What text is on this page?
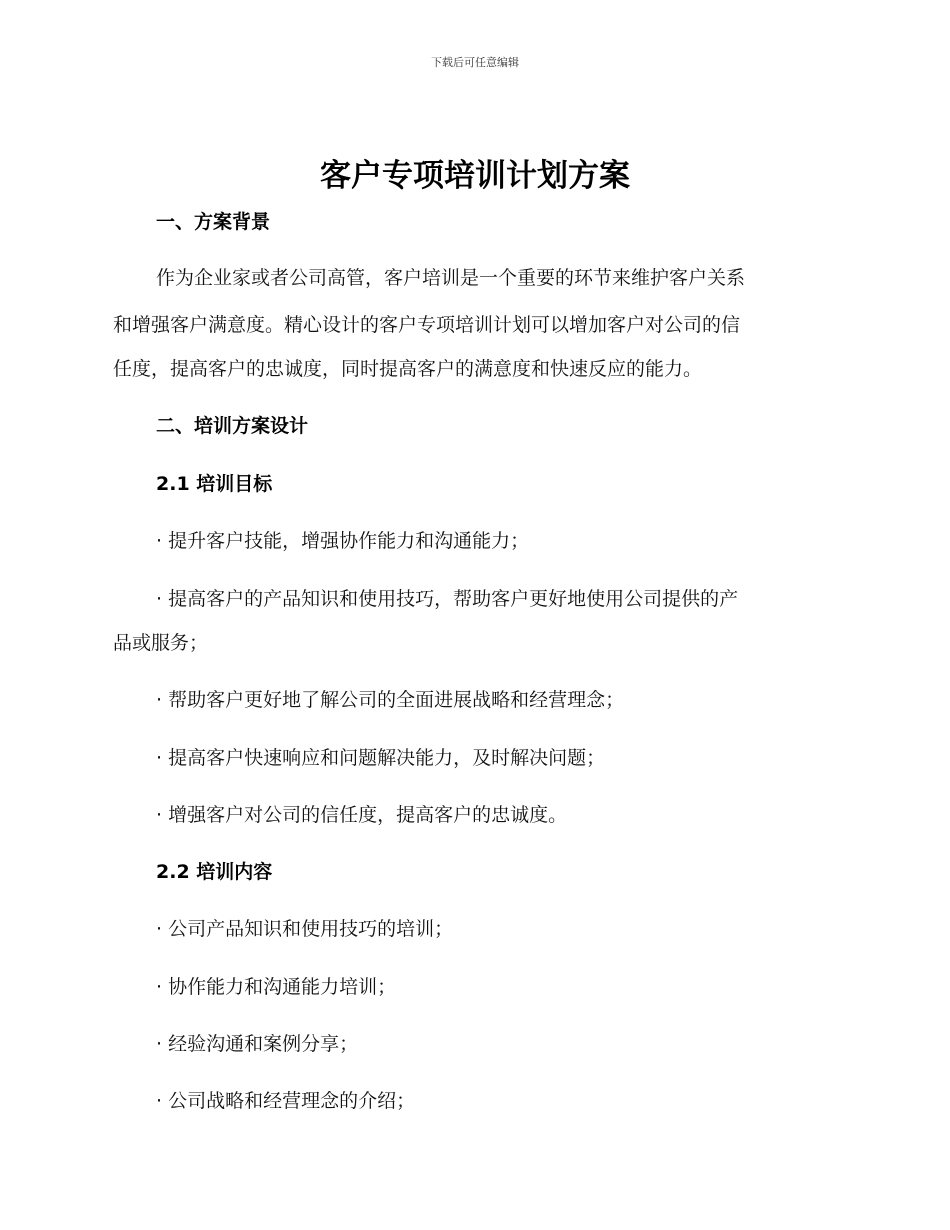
下载后可任意编辑
客户专项培训计划方案
一、方案背景
作为企业家或者公司高管，客户培训是一个重要的环节来维护客户关系
和增强客户满意度。精心设计的客户专项培训计划可以增加客户对公司的信
任度，提高客户的忠诚度，同时提高客户的满意度和快速反应的能力。
二、培训方案设计
2.1 培训目标
· 提升客户技能，增强协作能力和沟通能力；
· 提高客户的产品知识和使用技巧，帮助客户更好地使用公司提供的产
品或服务；
· 帮助客户更好地了解公司的全面进展战略和经营理念；
· 提高客户快速响应和问题解决能力，及时解决问题；
· 增强客户对公司的信任度，提高客户的忠诚度。
2.2 培训内容
· 公司产品知识和使用技巧的培训；
· 协作能力和沟通能力培训；
· 经验沟通和案例分享；
· 公司战略和经营理念的介绍；
